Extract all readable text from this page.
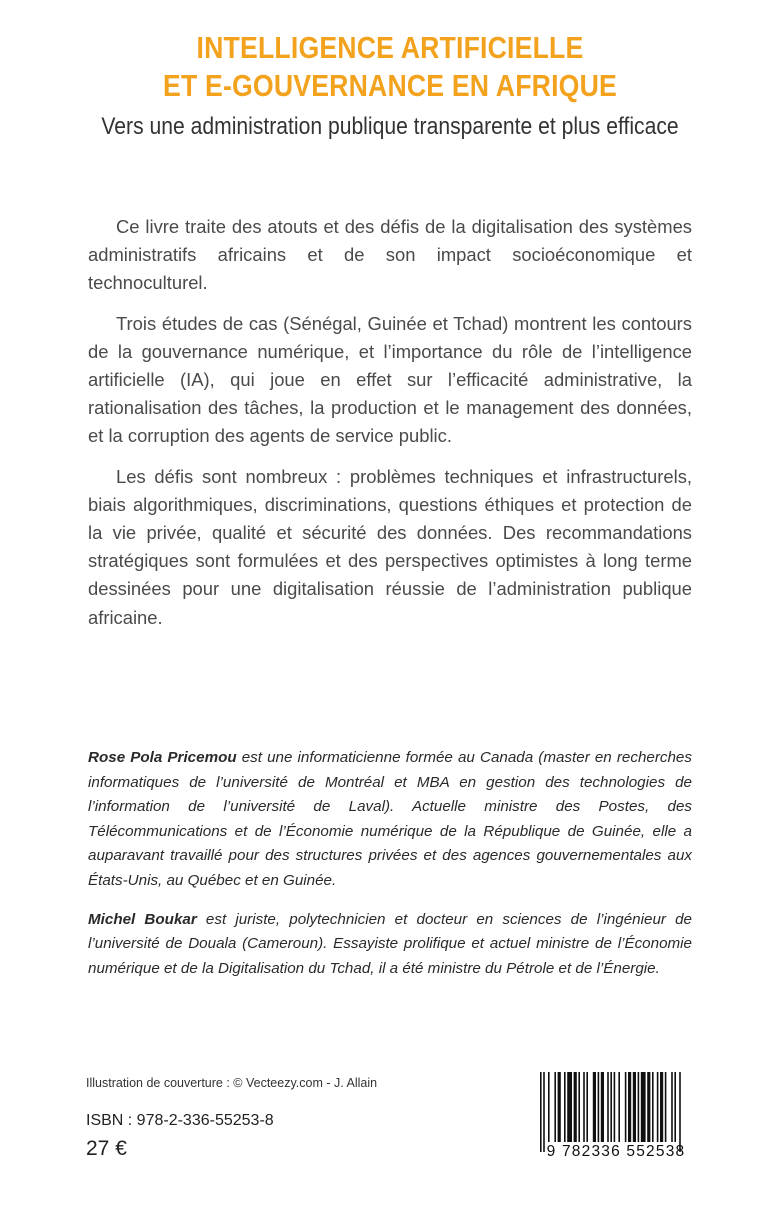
INTELLIGENCE ARTIFICIELLE
ET E-GOUVERNANCE EN AFRIQUE
Vers une administration publique transparente et plus efficace

Ce livre traite des atouts et des défis de la digitalisation des systèmes administratifs africains et de son impact socioéconomique et technoculturel.

Trois études de cas (Sénégal, Guinée et Tchad) montrent les contours de la gouvernance numérique, et l’importance du rôle de l’intelligence artificielle (IA), qui joue en effet sur l’efficacité administrative, la rationalisation des tâches, la production et le management des données, et la corruption des agents de service public.

Les défis sont nombreux : problèmes techniques et infrastructurels, biais algorithmiques, discriminations, questions éthiques et protection de la vie privée, qualité et sécurité des données. Des recommandations stratégiques sont formulées et des perspectives optimistes à long terme dessinées pour une digitalisation réussie de l’administration publique africaine.

Rose Pola Pricemou est une informaticienne formée au Canada (master en recherches informatiques de l’université de Montréal et MBA en gestion des technologies de l’information de l’université de Laval). Actuelle ministre des Postes, des Télécommunications et de l’Économie numérique de la République de Guinée, elle a auparavant travaillé pour des structures privées et des agences gouvernementales aux États-Unis, au Québec et en Guinée.

Michel Boukar est juriste, polytechnicien et docteur en sciences de l’ingénieur de l’université de Douala (Cameroun). Essayiste prolifique et actuel ministre de l’Économie numérique et de la Digitalisation du Tchad, il a été ministre du Pétrole et de l’Énergie.

Illustration de couverture : © Vecteezy.com - J. Allain
ISBN : 978-2-336-55253-8
27 €	9 782336 552538
